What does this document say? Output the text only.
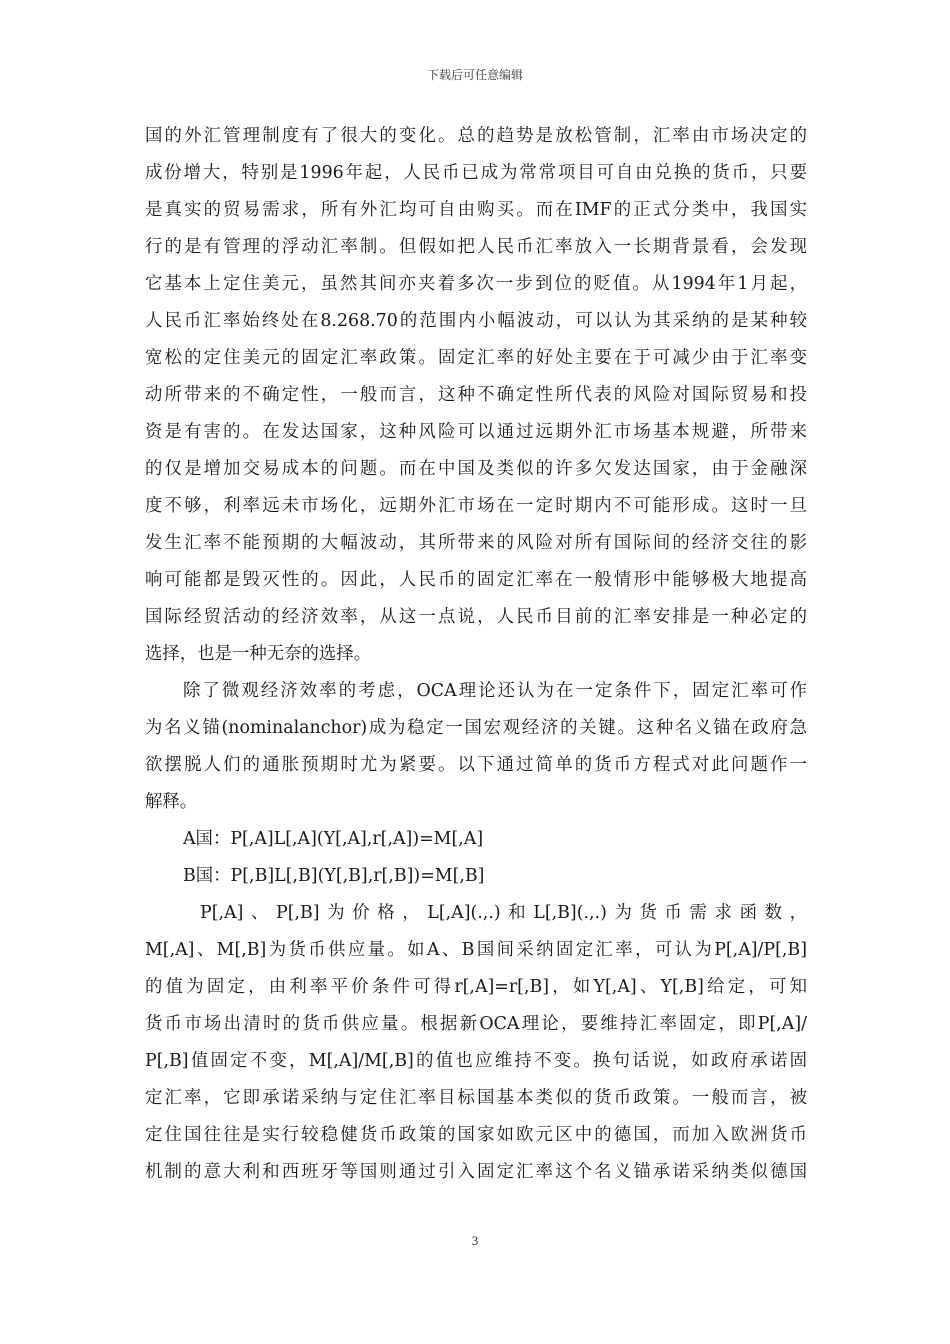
下载后可任意编辑
国的外汇管理制度有了很大的变化。总的趋势是放松管制，汇率由市场决定的
成份增大，特别是1996年起，人民币已成为常常项目可自由兑换的货币，只要
是真实的贸易需求，所有外汇均可自由购买。而在IMF的正式分类中，我国实
行的是有管理的浮动汇率制。但假如把人民币汇率放入一长期背景看，会发现
它基本上定住美元，虽然其间亦夹着多次一步到位的贬值。从1994年1月起，
人民币汇率始终处在8.268.70的范围内小幅波动，可以认为其采纳的是某种较
宽松的定住美元的固定汇率政策。固定汇率的好处主要在于可减少由于汇率变
动所带来的不确定性，一般而言，这种不确定性所代表的风险对国际贸易和投
资是有害的。在发达国家，这种风险可以通过远期外汇市场基本规避，所带来
的仅是增加交易成本的问题。而在中国及类似的许多欠发达国家，由于金融深
度不够，利率远未市场化，远期外汇市场在一定时期内不可能形成。这时一旦
发生汇率不能预期的大幅波动，其所带来的风险对所有国际间的经济交往的影
响可能都是毁灭性的。因此，人民币的固定汇率在一般情形中能够极大地提高
国际经贸活动的经济效率，从这一点说，人民币目前的汇率安排是一种必定的
选择，也是一种无奈的选择。
除了微观经济效率的考虑，OCA理论还认为在一定条件下，固定汇率可作
为名义锚(nominalanchor)成为稳定一国宏观经济的关键。这种名义锚在政府急
欲摆脱人们的通胀预期时尤为紧要。以下通过简单的货币方程式对此问题作一
解释。
A国：P[,A]L[,A](Y[,A],r[,A])=M[,A]
B国：P[,B]L[,B](Y[,B],r[,B])=M[,B]
P[,A]、P[,B]为价格，L[,A](.,.)和L[,B](.,.)为货币需求函数，
M[,A]、M[,B]为货币供应量。如A、B国间采纳固定汇率，可认为P[,A]/P[,B]
的值为固定，由利率平价条件可得r[,A]=r[,B]，如Y[,A]、Y[,B]给定，可知
货币市场出清时的货币供应量。根据新OCA理论，要维持汇率固定，即P[,A]/
P[,B]值固定不变，M[,A]/M[,B]的值也应维持不变。换句话说，如政府承诺固
定汇率，它即承诺采纳与定住汇率目标国基本类似的货币政策。一般而言，被
定住国往往是实行较稳健货币政策的国家如欧元区中的德国，而加入欧洲货币
机制的意大利和西班牙等国则通过引入固定汇率这个名义锚承诺采纳类似德国
3
